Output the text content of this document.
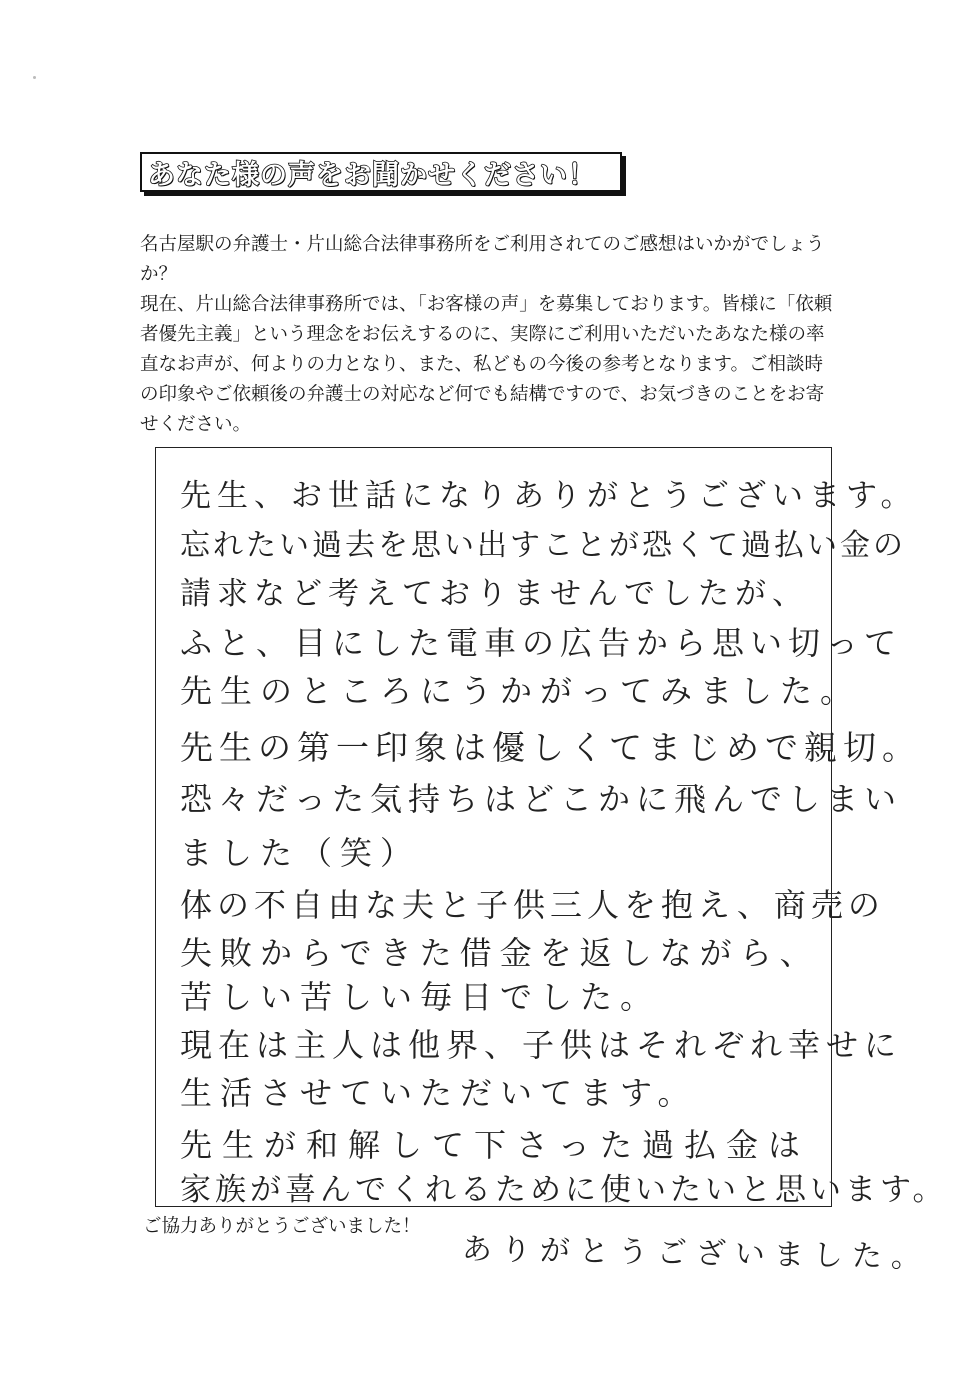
あなた様の声をお聞かせください！

名古屋駅の弁護士・片山総合法律事務所をご利用されてのご感想はいかがでしょうか？

現在、片山総合法律事務所では、「お客様の声」を募集しております。皆様に「依頼者優先主義」という理念をお伝えするのに、実際にご利用いただいたあなた様の率直なお声が、何よりの力となり、また、私どもの今後の参考となります。ご相談時の印象やご依頼後の弁護士の対応など何でも結構ですので、お気づきのことをお寄せください。

先生、お世話になりありがとうございます。
忘れたい過去を思い出すことが恐くて過払い金の
請求など考えておりませんでしたが、
ふと、目にした電車の広告から思い切って
先生のところにうかがってみました。
先生の第一印象は優しくてまじめで親切。
恐々だった気持ちはどこかに飛んでしまい
ました（笑）
体の不自由な夫と子供三人を抱え、商売の
失敗からできた借金を返しながら、
苦しい苦しい毎日でした。
現在は主人は他界、子供はそれぞれ幸せに
生活させていただいてます。
先生が和解して下さった過払金は
家族が喜んでくれるために使いたいと思います。
ご協力ありがとうございました！
ありがとうございました。
